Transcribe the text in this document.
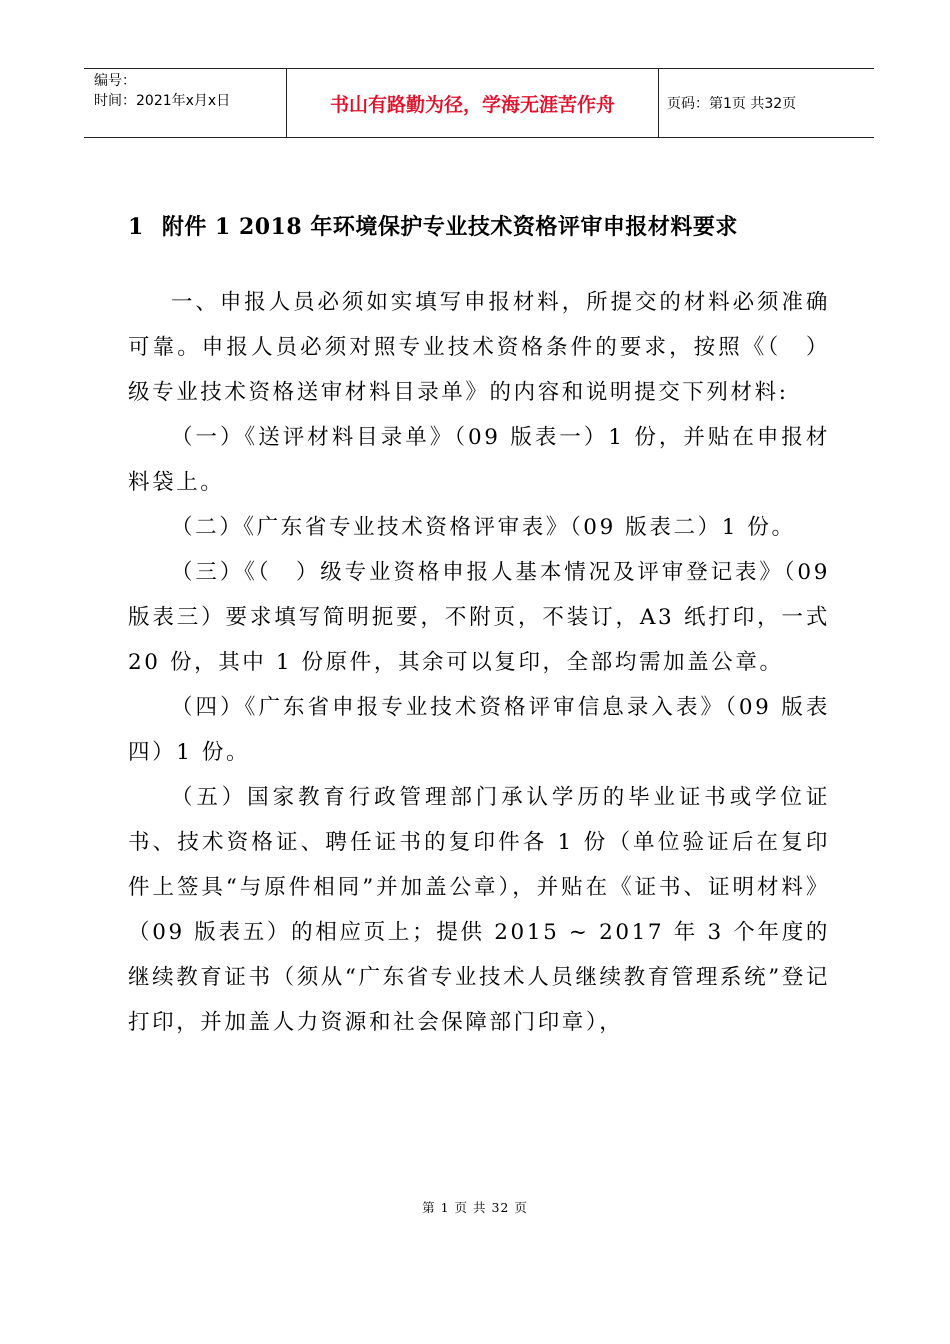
编号：
时间：2021年x月x日	书山有路勤为径，学海无涯苦作舟	页码：第1页 共32页
1 附件 1 2018 年环境保护专业技术资格评审申报材料要求

一、申报人员必须如实填写申报材料，所提交的材料必须准确可靠。申报人员必须对照专业技术资格条件的要求，按照《（　）级专业技术资格送审材料目录单》的内容和说明提交下列材料:

（一）《送评材料目录单》（09 版表一）1 份，并贴在申报材料袋上。

（二）《广东省专业技术资格评审表》（09 版表二）1 份。

（三）《（　）级专业资格申报人基本情况及评审登记表》（09 版表三）要求填写简明扼要，不附页，不装订，A3 纸打印，一式 20 份，其中 1 份原件，其余可以复印，全部均需加盖公章。

（四）《广东省申报专业技术资格评审信息录入表》（09 版表四）1 份。

（五）国家教育行政管理部门承认学历的毕业证书或学位证书、技术资格证、聘任证书的复印件各 1 份（单位验证后在复印件上签具“与原件相同”并加盖公章），并贴在《证书、证明材料》（09 版表五）的相应页上；提供 2015 ~ 2017 年 3 个年度的继续教育证书（须从“广东省专业技术人员继续教育管理系统”登记打印，并加盖人力资源和社会保障部门印章），

第 1 页 共 32 页
